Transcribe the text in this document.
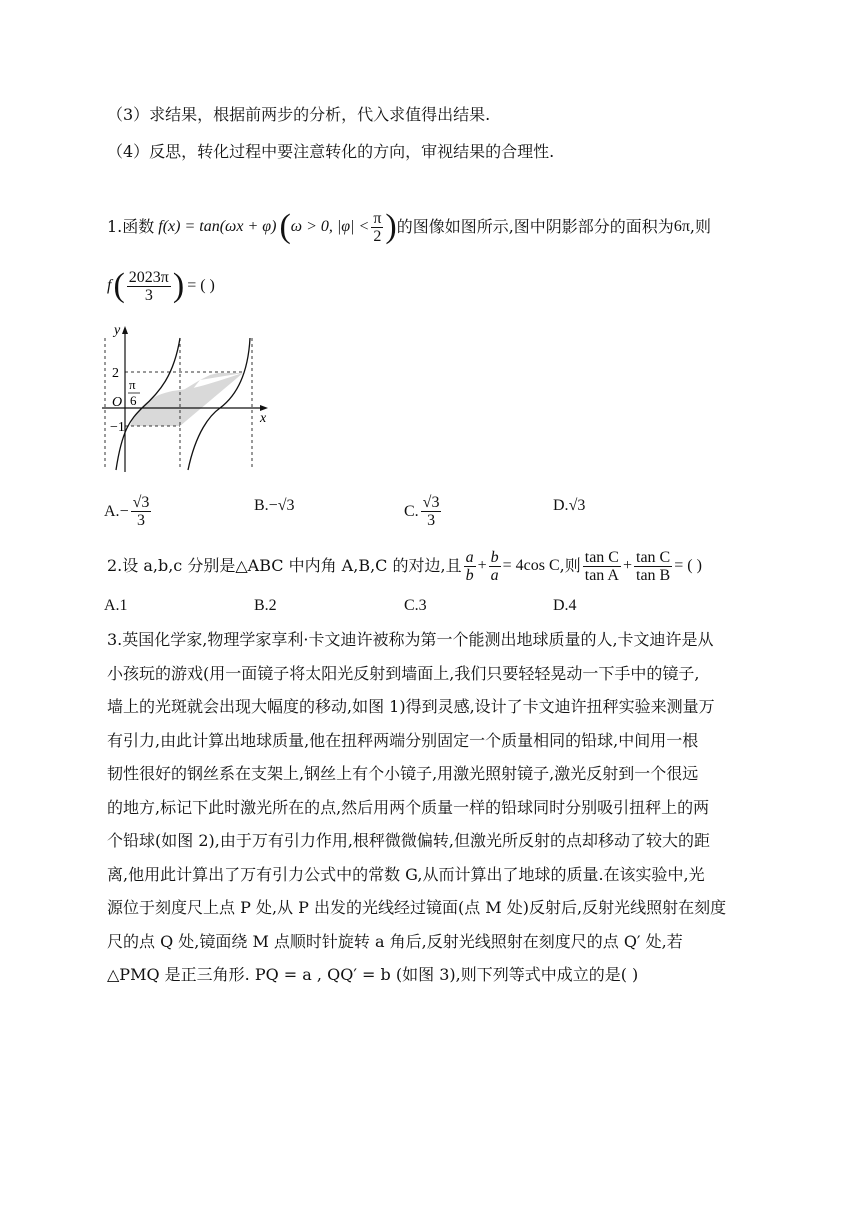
（3）求结果，根据前两步的分析，代入求值得出结果.
（4）反思，转化过程中要注意转化的方向，审视结果的合理性.
1.函数 f(x) = tan(ωx + φ) ( ω > 0, $|\varphi| < \frac{\pi}{2}$ ) 的图像如图所示,图中阴影部分的面积为 6π ,则
f ( $\frac{2023\pi}{3}$ ) = ( )
y
x
O
2
−1
π
6
A. − $\frac{√3}{3}$	B.−√3	C. $\frac{√3}{3}$	D.√3
2.设 a,b,c 分别是△ABC 中内角 A,B,C 的对边,且 $\frac{a}{b} + \frac{b}{a} = 4\cos$ C ,则 $\frac{\text{tan C}}{\text{tan A}} + \frac{\text{tan C}}{\text{tan B}}$ = ( )
A.1	B.2	C.3	D.4
3.英国化学家,物理学家享利·卡文迪许被称为第一个能测出地球质量的人,卡文迪许是从
小孩玩的游戏(用一面镜子将太阳光反射到墙面上,我们只要轻轻晃动一下手中的镜子,
墙上的光斑就会出现大幅度的移动,如图 1)得到灵感,设计了卡文迪许扭秤实验来测量万
有引力,由此计算出地球质量,他在扭秤两端分别固定一个质量相同的铅球,中间用一根
韧性很好的钢丝系在支架上,钢丝上有个小镜子,用激光照射镜子,激光反射到一个很远
的地方,标记下此时激光所在的点,然后用两个质量一样的铅球同时分别吸引扭秤上的两
个铅球(如图 2),由于万有引力作用,根秤微微偏转,但激光所反射的点却移动了较大的距
离,他用此计算出了万有引力公式中的常数 G,从而计算出了地球的质量.在该实验中,光
源位于刻度尺上点 P 处,从 P 出发的光线经过镜面(点 M 处)反射后,反射光线照射在刻度
尺的点 Q 处,镜面绕 M 点顺时针旋转 a 角后,反射光线照射在刻度尺的点 Q′ 处,若
△PMQ 是正三角形. PQ = a , QQ′ = b (如图 3),则下列等式中成立的是( )
